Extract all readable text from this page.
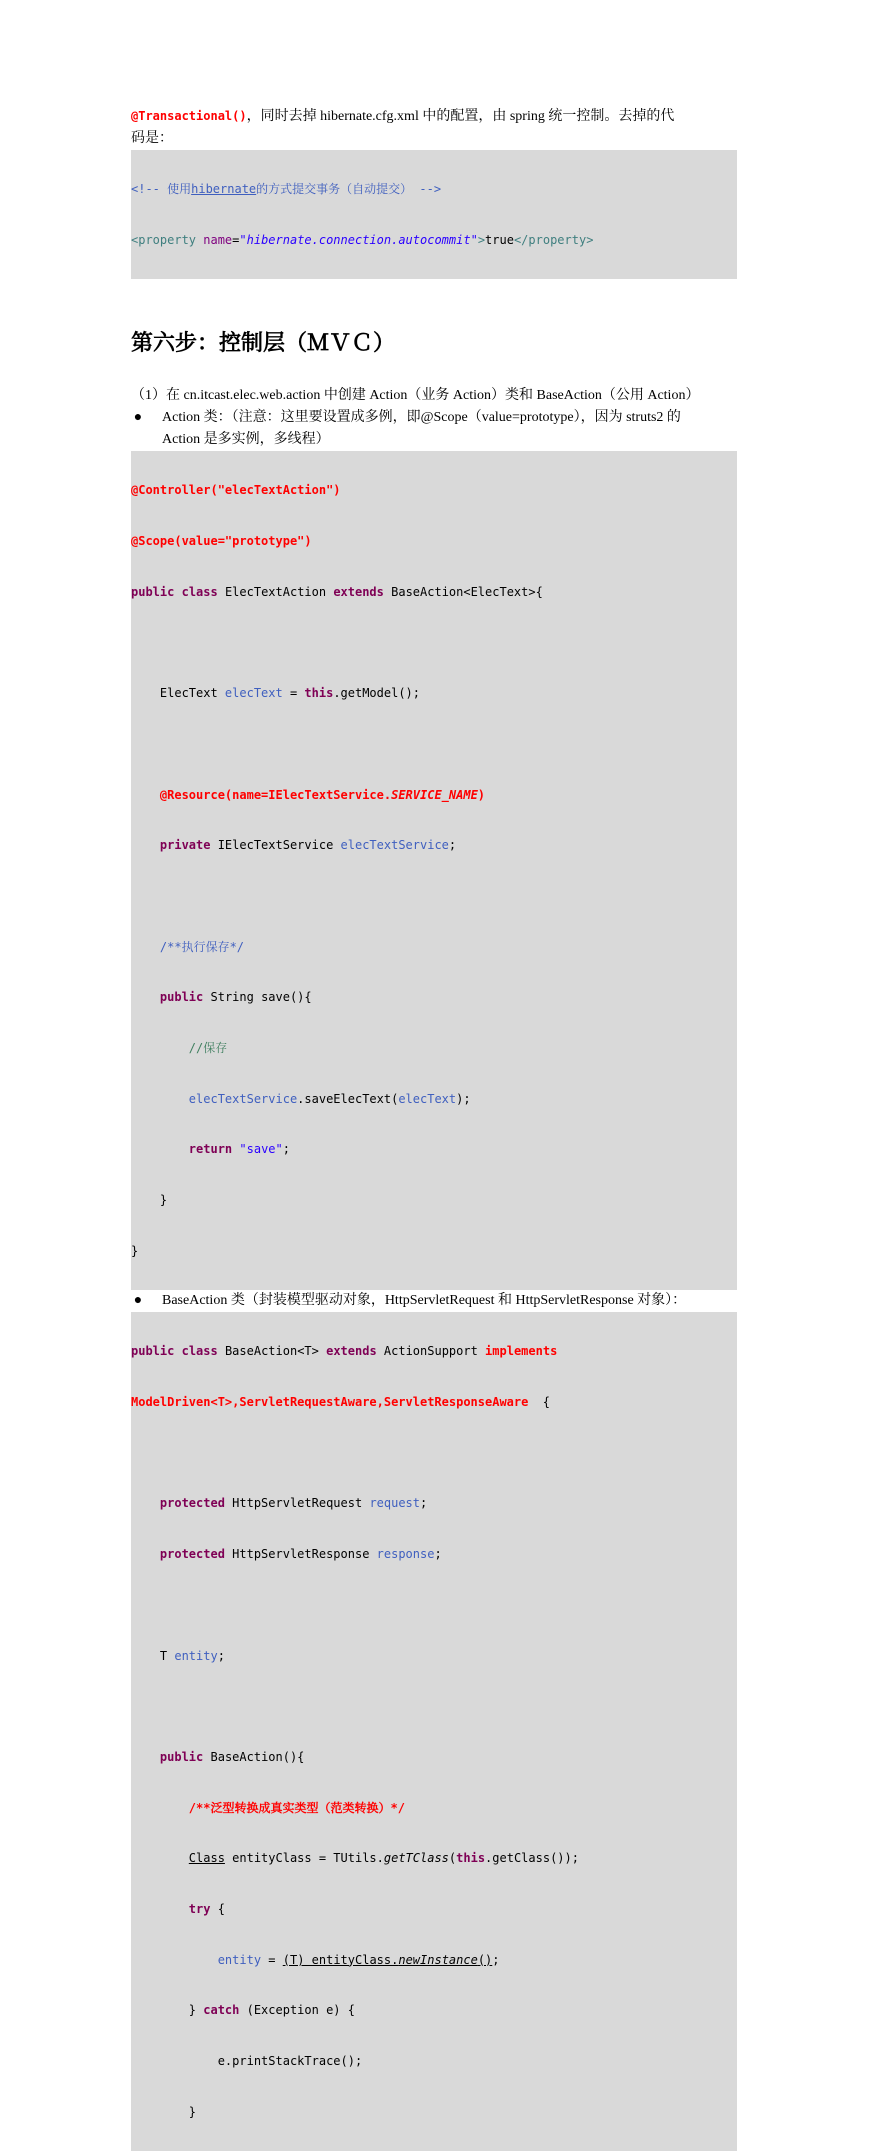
@Transactional()，同时去掉 hibernate.cfg.xml 中的配置，由 spring 统一控制。去掉的代
码是：

<!-- 使用hibernate的方式提交事务（自动提交） -->

<property name="hibernate.connection.autocommit">true</property>

第六步：控制层（ＭＶＣ）
（1）在 cn.itcast.elec.web.action 中创建 Action（业务 Action）类和 BaseAction（公用 Action）
● Action 类：（注意：这里要设置成多例，即@Scope（value=prototype），因为 struts2 的
Action 是多实例，多线程）

@Controller("elecTextAction")

@Scope(value="prototype")

public class ElecTextAction extends BaseAction<ElecText>{

ElecText elecText = this.getModel();

@Resource(name=IElecTextService.SERVICE_NAME)

private IElecTextService elecTextService;

/**执行保存*/

public String save(){

//保存

elecTextService.saveElecText(elecText);

return "save";

}

}

● BaseAction 类（封装模型驱动对象，HttpServletRequest 和 HttpServletResponse 对象）：

public class BaseAction<T> extends ActionSupport implements

ModelDriven<T>,ServletRequestAware,ServletResponseAware  {

protected HttpServletRequest request;

protected HttpServletResponse response;

T entity;

public BaseAction(){

/**泛型转换成真实类型（范类转换）*/

Class entityClass = TUtils.getTClass(this.getClass());

try {

entity = (T) entityClass.newInstance();

} catch (Exception e) {

e.printStackTrace();

}
